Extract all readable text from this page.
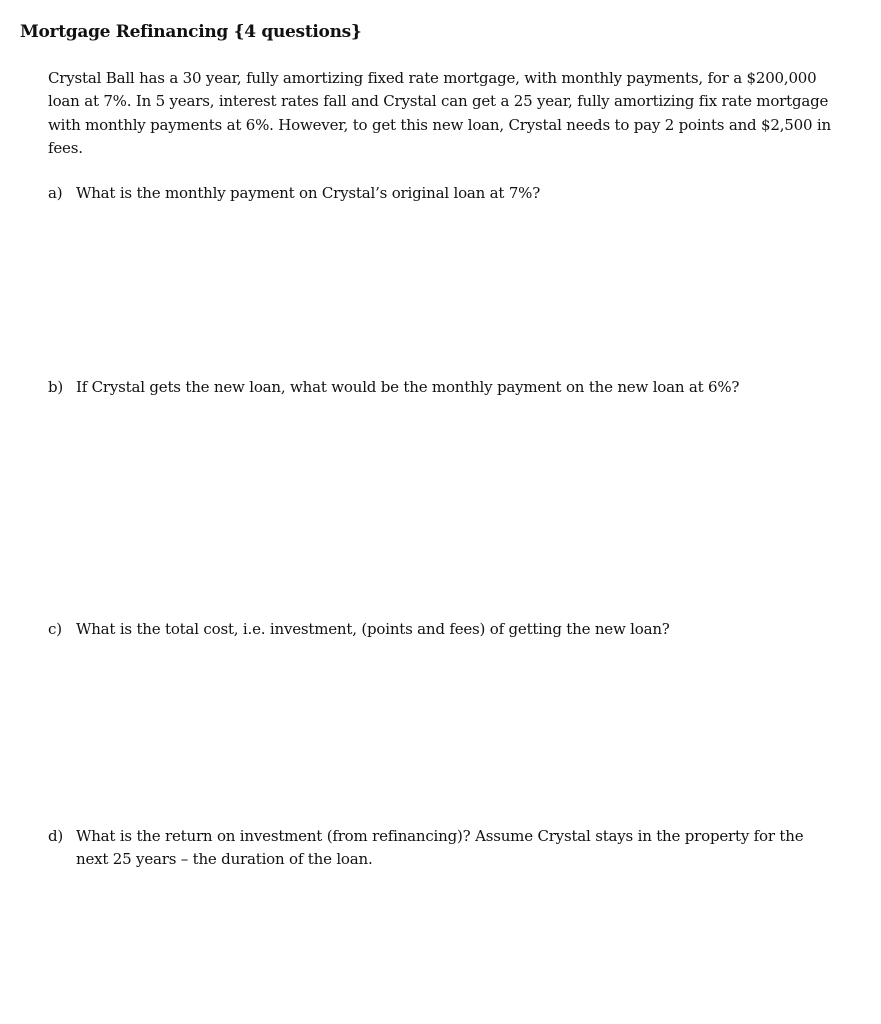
Mortgage Refinancing {4 questions}

Crystal Ball has a 30 year, fully amortizing fixed rate mortgage, with monthly payments, for a $200,000 loan at 7%. In 5 years, interest rates fall and Crystal can get a 25 year, fully amortizing fix rate mortgage with monthly payments at 6%. However, to get this new loan, Crystal needs to pay 2 points and $2,500 in fees.

a) What is the monthly payment on Crystal’s original loan at 7%?
b) If Crystal gets the new loan, what would be the monthly payment on the new loan at 6%?
c) What is the total cost, i.e. investment, (points and fees) of getting the new loan?
d) What is the return on investment (from refinancing)? Assume Crystal stays in the property for the next 25 years – the duration of the loan.
